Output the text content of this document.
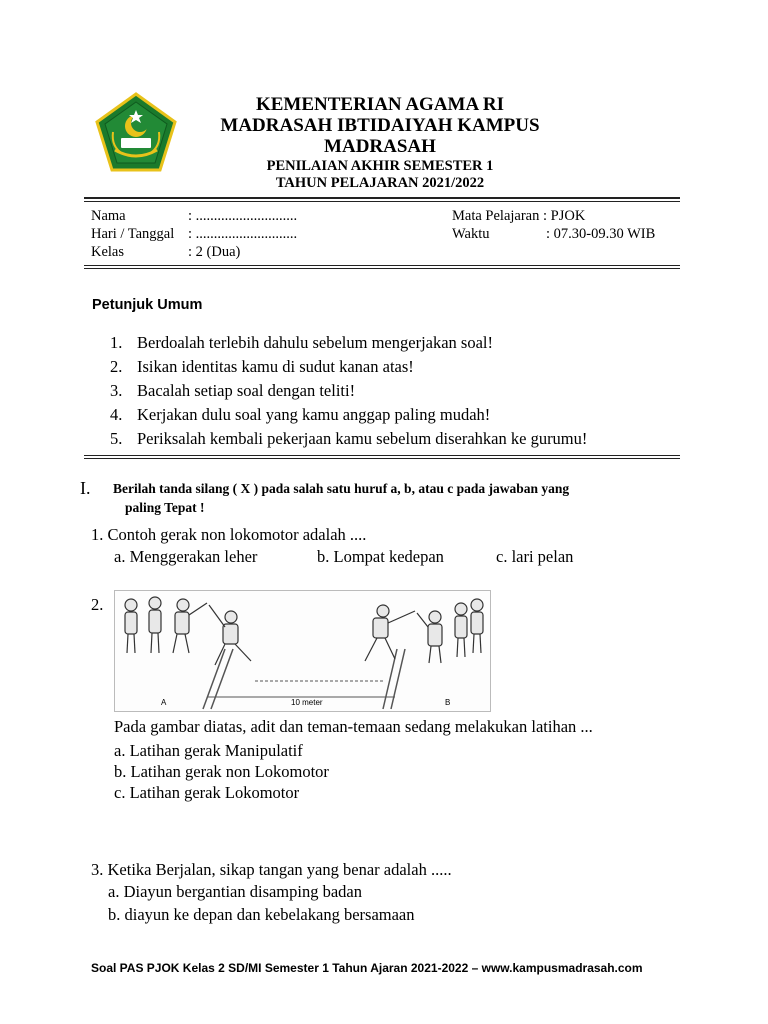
KEMENTERIAN AGAMA RI
MADRASAH IBTIDAIYAH KAMPUS
MADRASAH
PENILAIAN AKHIR SEMESTER 1
TAHUN PELAJARAN 2021/2022
Nama	: ............................
Hari / Tanggal : ............................
Kelas	: 2 (Dua)
Mata Pelajaran : PJOK
Waktu	: 07.30-09.30 WIB
Petunjuk Umum
1. Berdoalah terlebih dahulu sebelum mengerjakan soal!
2. Isikan identitas kamu di sudut kanan atas!
3. Bacalah setiap soal dengan teliti!
4. Kerjakan dulu soal yang kamu anggap paling mudah!
5. Periksalah kembali pekerjaan kamu sebelum diserahkan ke gurumu!
I. Berilah tanda silang ( X ) pada salah satu huruf a, b, atau c pada jawaban yang
paling Tepat !
1. Contoh gerak non lokomotor adalah ....
a. Menggerakan leher	b. Lompat kedepan	c. lari pelan
2.
A	10 meter	B
Pada gambar diatas, adit dan teman-temaan sedang melakukan latihan ...
a. Latihan gerak Manipulatif
b. Latihan gerak non Lokomotor
c. Latihan gerak Lokomotor
3. Ketika Berjalan, sikap tangan yang benar adalah .....
a. Diayun bergantian disamping badan
b. diayun ke depan dan kebelakang bersamaan
Soal PAS PJOK Kelas 2 SD/MI Semester 1 Tahun Ajaran 2021-2022 – www.kampusmadrasah.com
